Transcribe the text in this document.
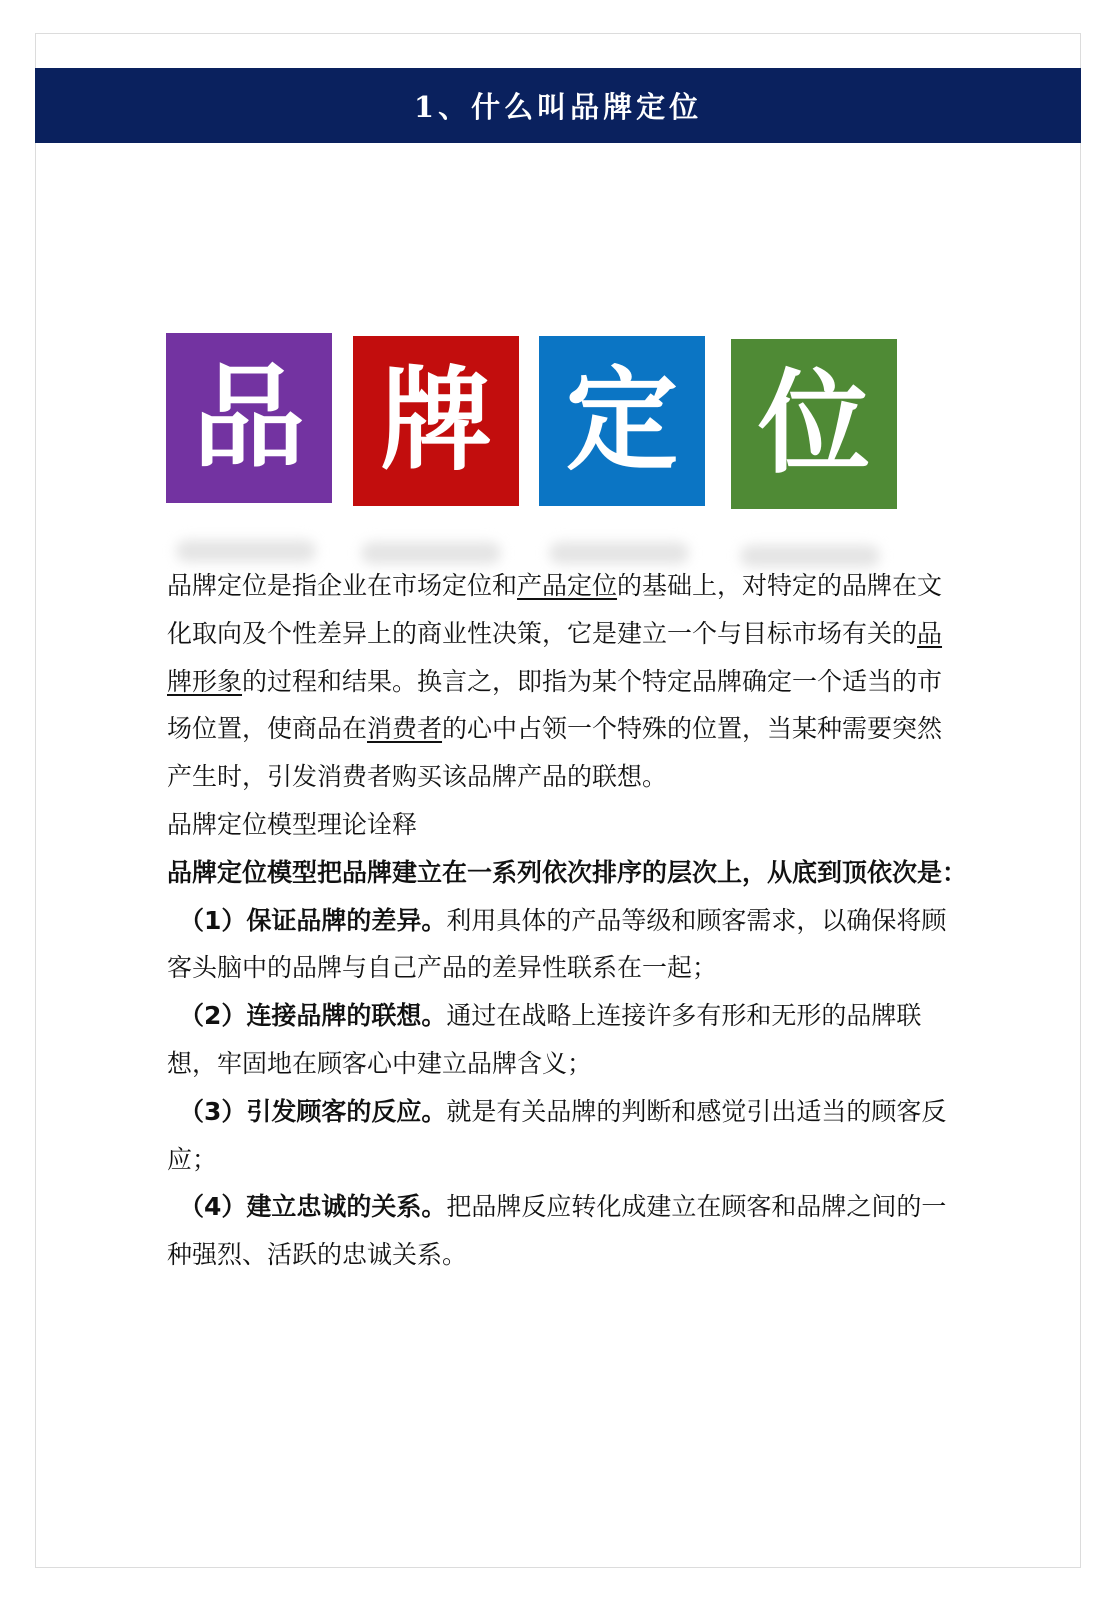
1、什么叫品牌定位
品 牌 定 位

品牌定位是指企业在市场定位和产品定位的基础上，对特定的品牌在文化取向及个性差异上的商业性决策，它是建立一个与目标市场有关的品牌形象的过程和结果。换言之，即指为某个特定品牌确定一个适当的市场位置，使商品在消费者的心中占领一个特殊的位置，当某种需要突然产生时，引发消费者购买该品牌产品的联想。

品牌定位模型理论诠释

品牌定位模型把品牌建立在一系列依次排序的层次上，从底到顶依次是：

（1）保证品牌的差异。利用具体的产品等级和顾客需求，以确保将顾客头脑中的品牌与自己产品的差异性联系在一起；

（2）连接品牌的联想。通过在战略上连接许多有形和无形的品牌联想，牢固地在顾客心中建立品牌含义；

（3）引发顾客的反应。就是有关品牌的判断和感觉引出适当的顾客反应；

（4）建立忠诚的关系。把品牌反应转化成建立在顾客和品牌之间的一种强烈、活跃的忠诚关系。
